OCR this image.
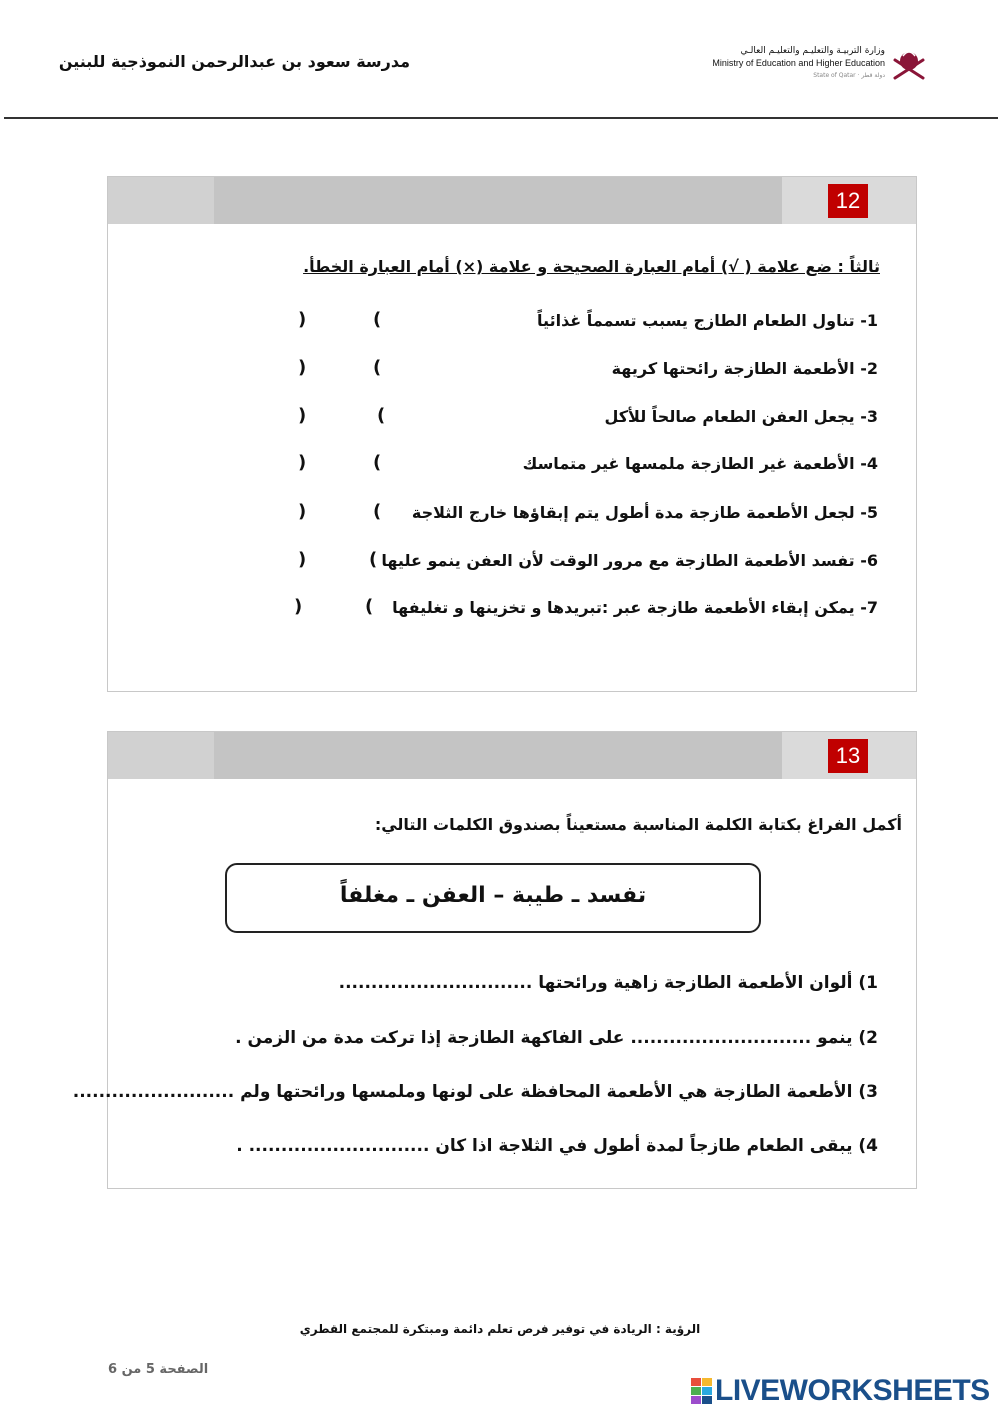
مدرسة سعود بن عبدالرحمن النموذجية للبنين
وزارة التربيـة والتعليـم والتعليـم العالـي
Ministry of Education and Higher Education
State of Qatar · دولة قطر
12
ثالثاً : ضع علامة ( √) أمام العبارة الصحيحة و علامة (×) أمام العبارة الخطأ.
1- تناول الطعام الطازج يسبب تسمماً غذائياً
(
)
2- الأطعمة الطازجة رائحتها كريهة
(
)
3- يجعل العفن الطعام صالحاً للأكل
(
)
4- الأطعمة غير الطازجة ملمسها غير متماسك
(
)
5- لجعل الأطعمة طازجة مدة أطول يتم إبقاؤها خارج الثلاجة
(
)
6- تفسد الأطعمة الطازجة مع مرور الوقت لأن العفن ينمو عليها
(
)
7- يمكن إبقاء الأطعمة طازجة عبر :تبريدها و تخزينها و تغليفها
(
)
13
أكمل الفراغ بكتابة الكلمة المناسبة مستعيناً بصندوق الكلمات التالي:
تفسد ـ طيبة – العفن ـ مغلفاً
1) ألوان الأطعمة الطازجة زاهية ورائحتها ..............................
2) ينمو ............................ على الفاكهة الطازجة إذا تركت مدة من الزمن .
3) الأطعمة الطازجة هي الأطعمة المحافظة على لونها وملمسها ورائحتها ولم .........................
4) يبقى الطعام طازجاً لمدة أطول في الثلاجة اذا كان ............................ .
الرؤية : الريادة في توفير فرص تعلم دائمة ومبتكرة للمجتمع القطري
الصفحة 5 من 6
LIVEWORKSHEETS
